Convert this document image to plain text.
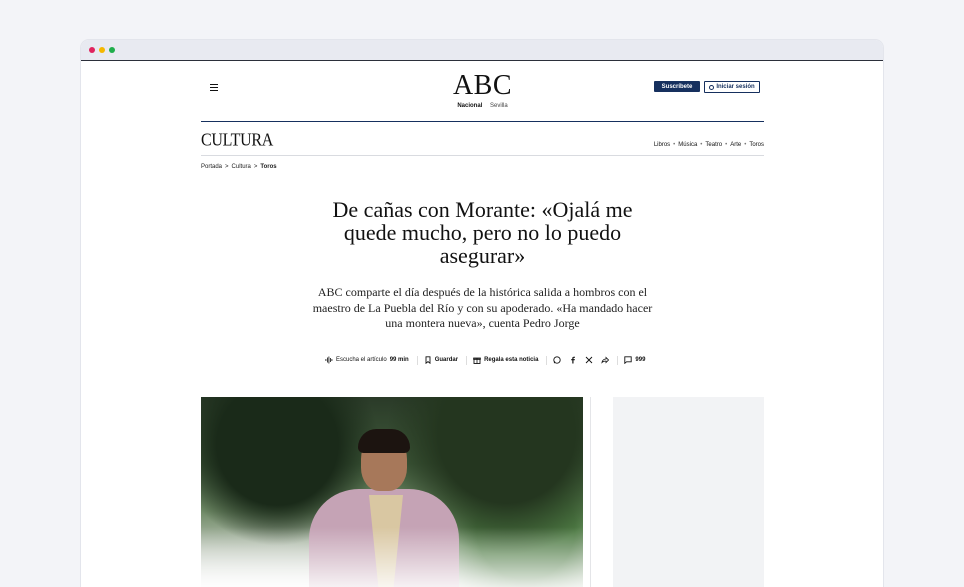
ABC
Nacional Sevilla
Suscríbete	Iniciar sesión
CULTURA	Libros • Música • Teatro • Arte • Toros
Portada > Cultura > Toros
De cañas con Morante: «Ojalá me quede mucho, pero no lo puedo asegurar»

ABC comparte el día después de la histórica salida a hombros con el maestro de La Puebla del Río y con su apoderado. «Ha mandado hacer una montera nueva», cuenta Pedro Jorge

Escucha el artículo 99 min	Guardar	Regala esta noticia	999
